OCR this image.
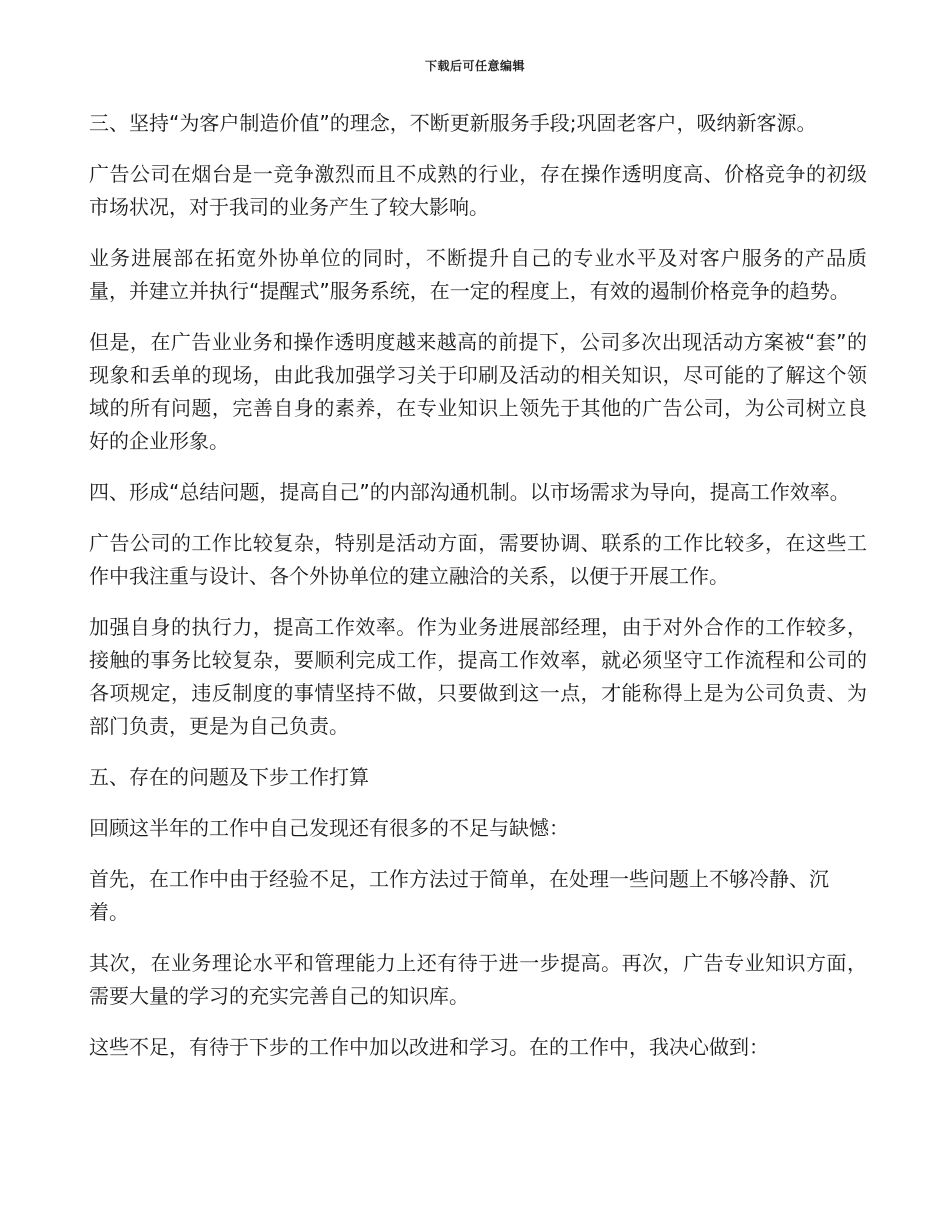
下载后可任意编辑

三、坚持“为客户制造价值”的理念，不断更新服务手段;巩固老客户，吸纳新客源。

广告公司在烟台是一竞争激烈而且不成熟的行业，存在操作透明度高、价格竞争的初级市场状况，对于我司的业务产生了较大影响。

业务进展部在拓宽外协单位的同时，不断提升自己的专业水平及对客户服务的产品质量，并建立并执行“提醒式”服务系统，在一定的程度上，有效的遏制价格竞争的趋势。

但是，在广告业业务和操作透明度越来越高的前提下，公司多次出现活动方案被“套”的现象和丢单的现场，由此我加强学习关于印刷及活动的相关知识，尽可能的了解这个领域的所有问题，完善自身的素养，在专业知识上领先于其他的广告公司，为公司树立良好的企业形象。

四、形成“总结问题，提高自己”的内部沟通机制。以市场需求为导向，提高工作效率。

广告公司的工作比较复杂，特别是活动方面，需要协调、联系的工作比较多，在这些工作中我注重与设计、各个外协单位的建立融洽的关系，以便于开展工作。

加强自身的执行力，提高工作效率。作为业务进展部经理，由于对外合作的工作较多，接触的事务比较复杂，要顺利完成工作，提高工作效率，就必须坚守工作流程和公司的各项规定，违反制度的事情坚持不做，只要做到这一点，才能称得上是为公司负责、为部门负责，更是为自己负责。

五、存在的问题及下步工作打算

回顾这半年的工作中自己发现还有很多的不足与缺憾：

首先，在工作中由于经验不足，工作方法过于简单，在处理一些问题上不够冷静、沉着。

其次，在业务理论水平和管理能力上还有待于进一步提高。再次，广告专业知识方面，需要大量的学习的充实完善自己的知识库。

这些不足，有待于下步的工作中加以改进和学习。在的工作中，我决心做到：
